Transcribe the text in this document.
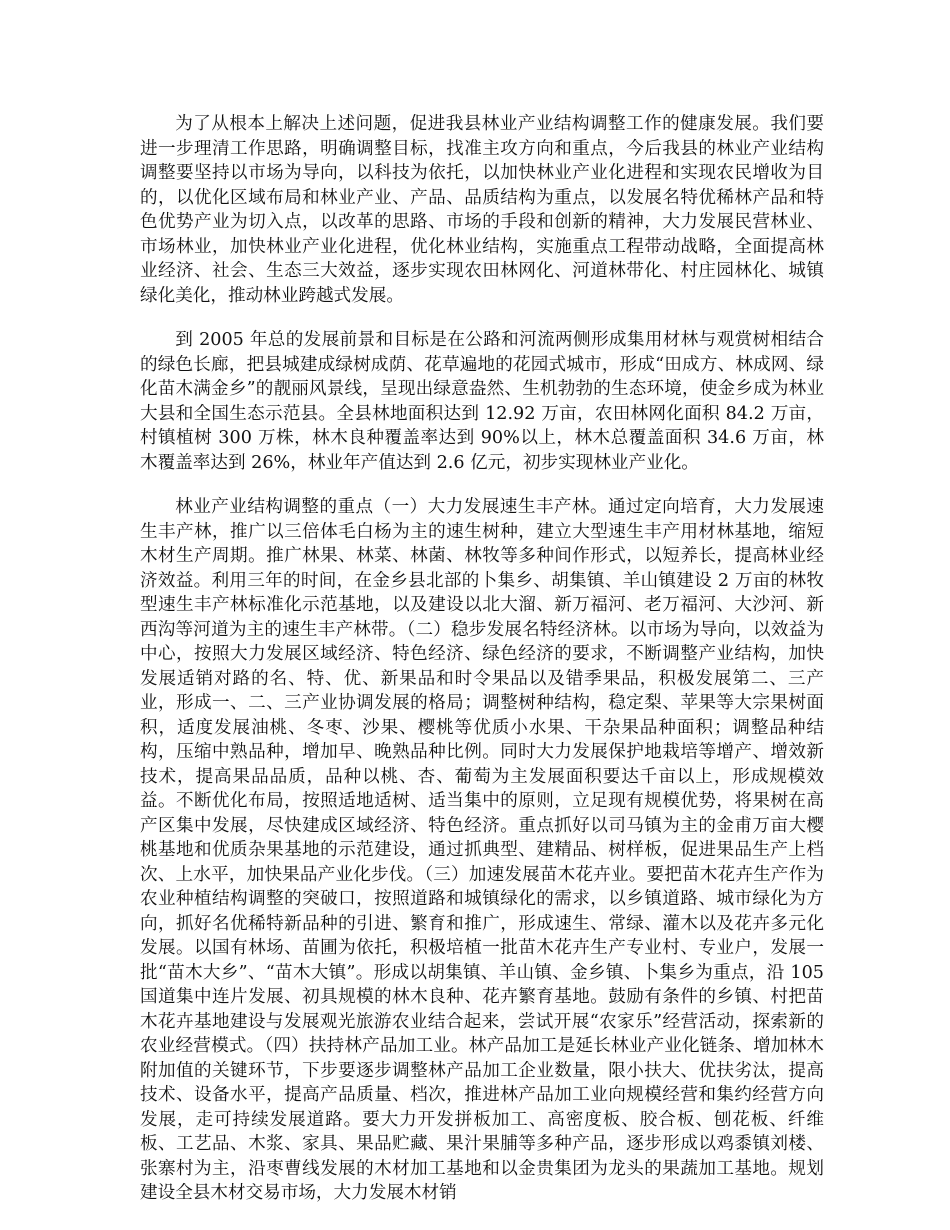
为了从根本上解决上述问题，促进我县林业产业结构调整工作的健康发展。我们要进一步理清工作思路，明确调整目标，找准主攻方向和重点，今后我县的林业产业结构调整要坚持以市场为导向，以科技为依托，以加快林业产业化进程和实现农民增收为目的，以优化区域布局和林业产业、产品、品质结构为重点，以发展名特优稀林产品和特色优势产业为切入点，以改革的思路、市场的手段和创新的精神，大力发展民营林业、市场林业，加快林业产业化进程，优化林业结构，实施重点工程带动战略，全面提高林业经济、社会、生态三大效益，逐步实现农田林网化、河道林带化、村庄园林化、城镇绿化美化，推动林业跨越式发展。

到 2005 年总的发展前景和目标是在公路和河流两侧形成集用材林与观赏树相结合的绿色长廊，把县城建成绿树成荫、花草遍地的花园式城市，形成“田成方、林成网、绿化苗木满金乡”的靓丽风景线，呈现出绿意盎然、生机勃勃的生态环境，使金乡成为林业大县和全国生态示范县。全县林地面积达到 12.92 万亩，农田林网化面积 84.2 万亩，村镇植树 300 万株，林木良种覆盖率达到 90%以上，林木总覆盖面积 34.6 万亩，林木覆盖率达到 26%，林业年产值达到 2.6 亿元，初步实现林业产业化。

林业产业结构调整的重点（一）大力发展速生丰产林。通过定向培育，大力发展速生丰产林，推广以三倍体毛白杨为主的速生树种，建立大型速生丰产用材林基地，缩短木材生产周期。推广林果、林菜、林菌、林牧等多种间作形式，以短养长，提高林业经济效益。利用三年的时间，在金乡县北部的卜集乡、胡集镇、羊山镇建设 2 万亩的林牧型速生丰产林标准化示范基地，以及建设以北大溜、新万福河、老万福河、大沙河、新西沟等河道为主的速生丰产林带。（二）稳步发展名特经济林。以市场为导向，以效益为中心，按照大力发展区域经济、特色经济、绿色经济的要求，不断调整产业结构，加快发展适销对路的名、特、优、新果品和时令果品以及错季果品，积极发展第二、三产业，形成一、二、三产业协调发展的格局；调整树种结构，稳定梨、苹果等大宗果树面积，适度发展油桃、冬枣、沙果、樱桃等优质小水果、干杂果品种面积；调整品种结构，压缩中熟品种，增加早、晚熟品种比例。同时大力发展保护地栽培等增产、增效新技术，提高果品品质，品种以桃、杏、葡萄为主发展面积要达千亩以上，形成规模效益。不断优化布局，按照适地适树、适当集中的原则，立足现有规模优势，将果树在高产区集中发展，尽快建成区域经济、特色经济。重点抓好以司马镇为主的金甫万亩大樱桃基地和优质杂果基地的示范建设，通过抓典型、建精品、树样板，促进果品生产上档次、上水平，加快果品产业化步伐。（三）加速发展苗木花卉业。要把苗木花卉生产作为农业种植结构调整的突破口，按照道路和城镇绿化的需求，以乡镇道路、城市绿化为方向，抓好名优稀特新品种的引进、繁育和推广，形成速生、常绿、灌木以及花卉多元化发展。以国有林场、苗圃为依托，积极培植一批苗木花卉生产专业村、专业户，发展一批“苗木大乡”、“苗木大镇”。形成以胡集镇、羊山镇、金乡镇、卜集乡为重点，沿 105 国道集中连片发展、初具规模的林木良种、花卉繁育基地。鼓励有条件的乡镇、村把苗木花卉基地建设与发展观光旅游农业结合起来，尝试开展“农家乐”经营活动，探索新的农业经营模式。（四）扶持林产品加工业。林产品加工是延长林业产业化链条、增加林木附加值的关键环节，下步要逐步调整林产品加工企业数量，限小扶大、优扶劣汰，提高技术、设备水平，提高产品质量、档次，推进林产品加工业向规模经营和集约经营方向发展，走可持续发展道路。要大力开发拼板加工、高密度板、胶合板、刨花板、纤维板、工艺品、木浆、家具、果品贮藏、果汁果脯等多种产品，逐步形成以鸡黍镇刘楼、张寨村为主，沿枣曹线发展的木材加工基地和以金贵集团为龙头的果蔬加工基地。规划建设全县木材交易市场，大力发展木材销
